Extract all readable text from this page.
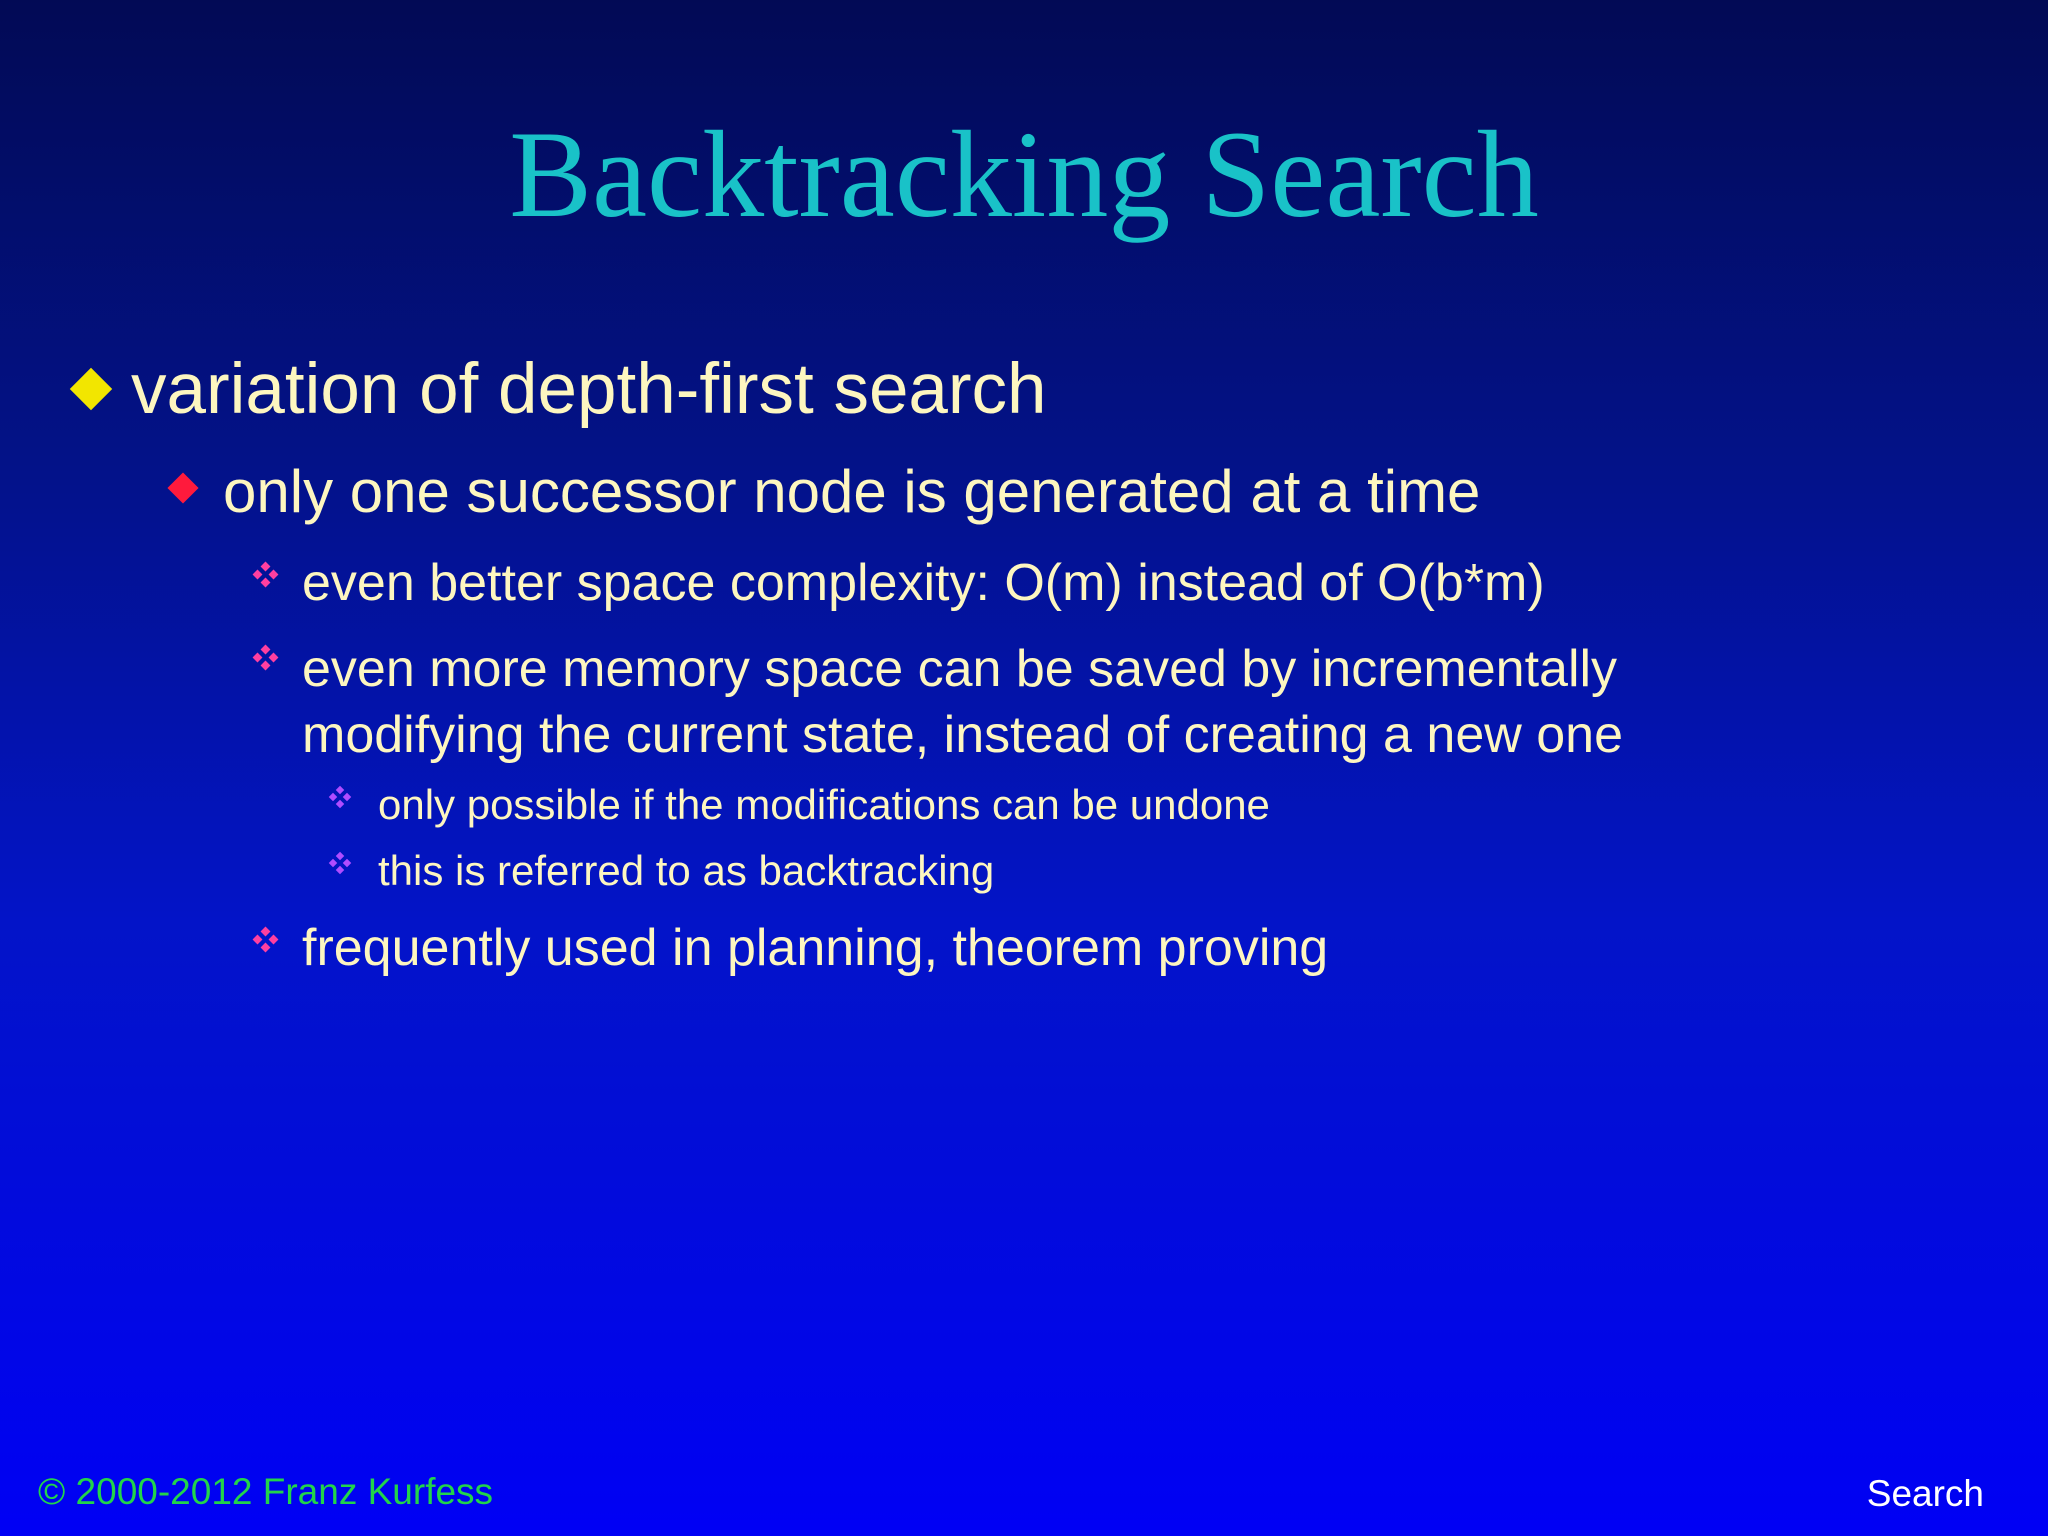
Backtracking Search
variation of depth-first search
only one successor node is generated at a time
even better space complexity: O(m) instead of O(b*m)
even more memory space can be saved by incrementally
modifying the current state, instead of creating a new one
only possible if the modifications can be undone
this is referred to as backtracking
frequently used in planning, theorem proving
© 2000-2012 Franz Kurfess	Search
